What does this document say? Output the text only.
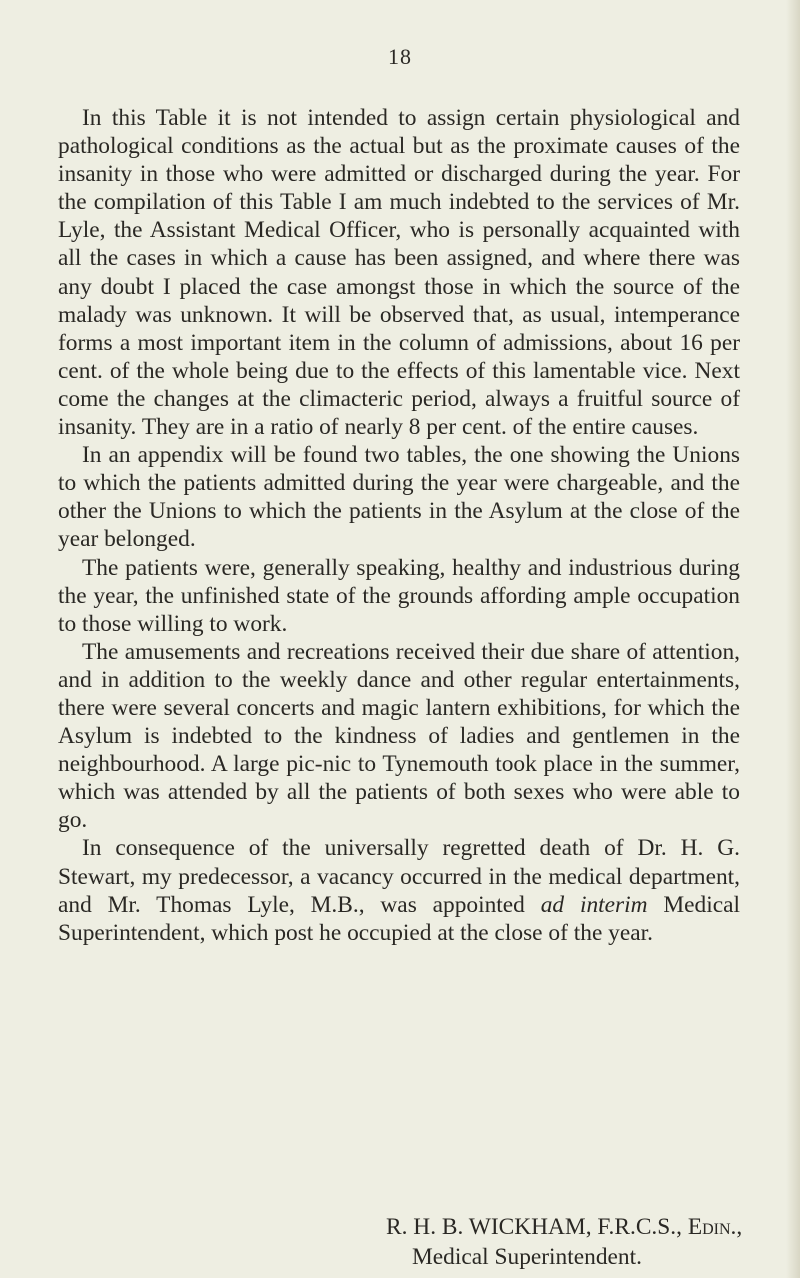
18

In this Table it is not intended to assign certain physiological and pathological conditions as the actual but as the proximate causes of the insanity in those who were admitted or discharged during the year. For the compilation of this Table I am much indebted to the services of Mr. Lyle, the Assistant Medical Officer, who is personally acquainted with all the cases in which a cause has been assigned, and where there was any doubt I placed the case amongst those in which the source of the malady was unknown. It will be observed that, as usual, intemperance forms a most important item in the column of admissions, about 16 per cent. of the whole being due to the effects of this lamentable vice. Next come the changes at the climacteric period, always a fruitful source of insanity. They are in a ratio of nearly 8 per cent. of the entire causes.

In an appendix will be found two tables, the one showing the Unions to which the patients admitted during the year were chargeable, and the other the Unions to which the patients in the Asylum at the close of the year belonged.

The patients were, generally speaking, healthy and industrious during the year, the unfinished state of the grounds affording ample occupation to those willing to work.

The amusements and recreations received their due share of attention, and in addition to the weekly dance and other regular entertainments, there were several concerts and magic lantern exhibitions, for which the Asylum is indebted to the kindness of ladies and gentlemen in the neighbourhood. A large pic-nic to Tynemouth took place in the summer, which was attended by all the patients of both sexes who were able to go.

In consequence of the universally regretted death of Dr. H. G. Stewart, my predecessor, a vacancy occurred in the medical department, and Mr. Thomas Lyle, M.B., was appointed ad interim Medical Superintendent, which post he occupied at the close of the year.

R. H. B. WICKHAM, F.R.C.S., Edin.,
Medical Superintendent.
